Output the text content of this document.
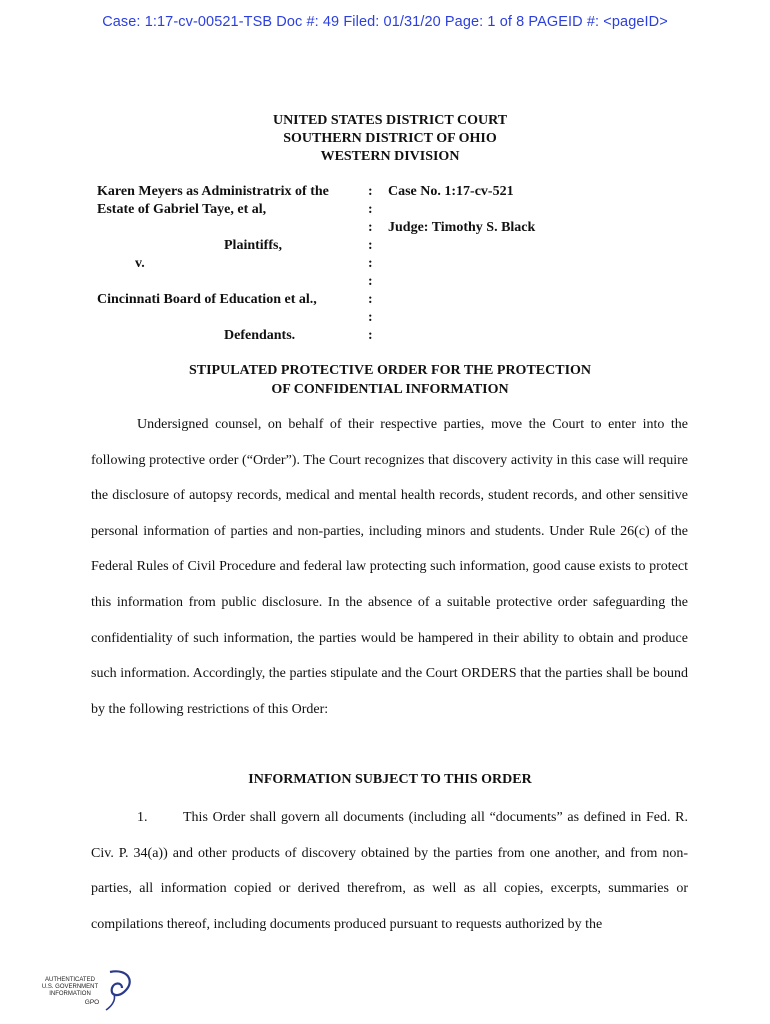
Case: 1:17-cv-00521-TSB Doc #: 49 Filed: 01/31/20 Page: 1 of 8 PAGEID #: <pageID>
UNITED STATES DISTRICT COURT
SOUTHERN DISTRICT OF OHIO
WESTERN DIVISION
Karen Meyers as Administratrix of the
Estate of Gabriel Taye, et al,
Plaintiffs,
v.
Cincinnati Board of Education et al.,
Defendants.
:
:
:
:
:
:
:
:
:
Case No. 1:17-cv-521
Judge: Timothy S. Black
STIPULATED PROTECTIVE ORDER FOR THE PROTECTION
OF CONFIDENTIAL INFORMATION
Undersigned counsel, on behalf of their respective parties, move the Court to enter into the following protective order (“Order”). The Court recognizes that discovery activity in this case will require the disclosure of autopsy records, medical and mental health records, student records, and other sensitive personal information of parties and non-parties, including minors and students. Under Rule 26(c) of the Federal Rules of Civil Procedure and federal law protecting such information, good cause exists to protect this information from public disclosure. In the absence of a suitable protective order safeguarding the confidentiality of such information, the parties would be hampered in their ability to obtain and produce such information. Accordingly, the parties stipulate and the Court ORDERS that the parties shall be bound by the following restrictions of this Order:
INFORMATION SUBJECT TO THIS ORDER
1.	This Order shall govern all documents (including all “documents” as defined in Fed. R. Civ. P. 34(a)) and other products of discovery obtained by the parties from one another, and from non-parties, all information copied or derived therefrom, as well as all copies, excerpts, summaries or compilations thereof, including documents produced pursuant to requests authorized by the
AUTHENTICATED
U.S. GOVERNMENT
INFORMATION
GPO
